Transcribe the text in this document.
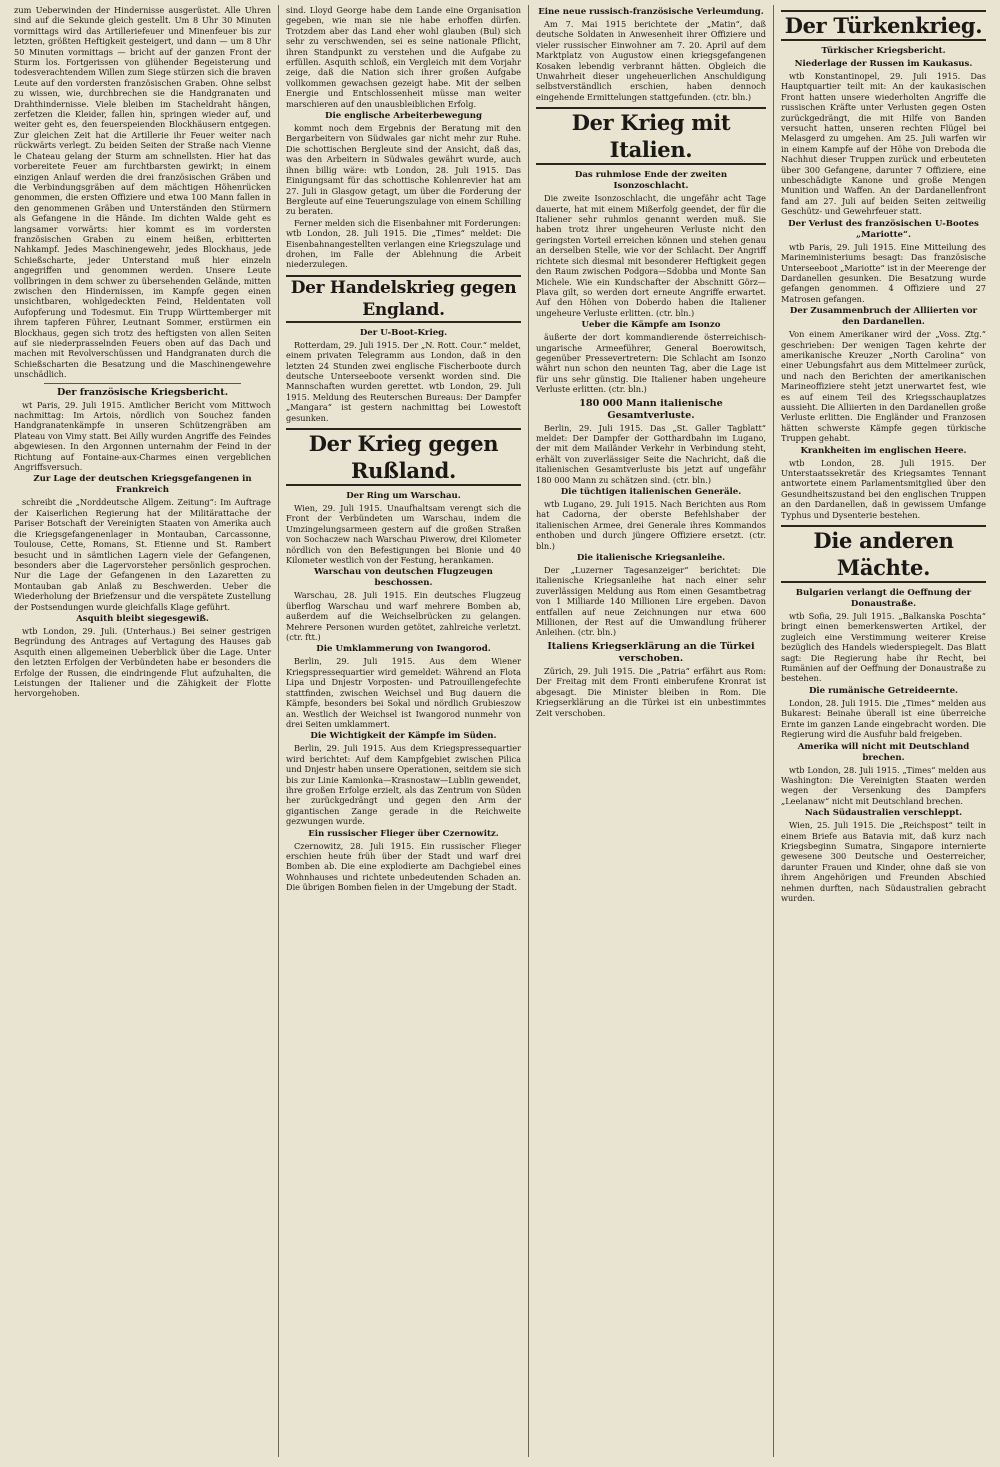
zum Ueberwinden der Hindernisse ausgerüstet. Alle Uhren sind auf die Sekunde gleich gestellt. Um 8 Uhr 30 Minuten vormittags wird das Artilleriefeuer und Minenfeuer bis zur letzten, größten Heftigkeit gesteigert, und dann — um 8 Uhr 50 Minuten vormittags — bricht auf der ganzen Front der Sturm los. Fortgerissen von glühender Begeisterung und todesverachtendem Willen zum Siege stürzen sich die braven Leute auf den vordersten französischen Graben. Ohne selbst zu wissen, wie, durchbrechen sie die Handgranaten und Drahthindernisse. Viele bleiben im Stacheldraht hängen, zerfetzen die Kleider, fallen hin, springen wieder auf, und weiter geht es, den feuerspeienden Blockhäusern entgegen. Zur gleichen Zeit hat die Artillerie ihr Feuer weiter nach rückwärts verlegt. Zu beiden Seiten der Straße nach Vienne le Chateau gelang der Sturm am schnellsten. Hier hat das vorbereitete Feuer am furchtbarsten gewirkt; in einem einzigen Anlauf werden die drei französischen Gräben und die Verbindungsgräben auf dem mächtigen Höhenrücken genommen, die ersten Offiziere und etwa 100 Mann fallen in den genommenen Gräben und Unterständen den Stürmern als Gefangene in die Hände. Im dichten Walde geht es langsamer vorwärts: hier kommt es im vordersten französischen Graben zu einem heißen, erbitterten Nahkampf. Jedes Maschinengewehr, jedes Blockhaus, jede Schießscharte, jeder Unterstand muß hier einzeln angegriffen und genommen werden. Unsere Leute vollbringen in dem schwer zu übersehenden Gelände, mitten zwischen den Hindernissen, im Kampfe gegen einen unsichtbaren, wohlgedeckten Feind, Heldentaten voll Aufopferung und Todesmut. Ein Trupp Württemberger mit ihrem tapferen Führer, Leutnant Sommer, erstürmen ein Blockhaus, gegen sich trotz des heftigsten von allen Seiten auf sie niederprasselnden Feuers oben auf das Dach und machen mit Revolverschüssen und Handgranaten durch die Schießscharten die Besatzung und die Maschinengewehre unschädlich.

Der französische Kriegsbericht.

wt Paris, 29. Juli 1915. Amtlicher Bericht vom Mittwoch nachmittag: Im Artois, nördlich von Souchez fanden Handgranatenkämpfe in unseren Schützengräben am Plateau von Vimy statt. Bei Ailly wurden Angriffe des Feindes abgewiesen. In den Argonnen unternahm der Feind in der Richtung auf Fontaine-aux-Charmes einen vergeblichen Angriffsversuch.

Zur Lage der deutschen Kriegsgefangenen in Frankreich

schreibt die „Norddeutsche Allgem. Zeitung“: Im Auftrage der Kaiserlichen Regierung hat der Militärattache der Pariser Botschaft der Vereinigten Staaten von Amerika auch die Kriegsgefangenenlager in Montauban, Carcassonne, Toulouse, Cette, Romans, St. Etienne und St. Rambert besucht und in sämtlichen Lagern viele der Gefangenen, besonders aber die Lagervorsteher persönlich gesprochen. Nur die Lage der Gefangenen in den Lazaretten zu Montauban gab Anlaß zu Beschwerden. Ueber die Wiederholung der Briefzensur und die verspätete Zustellung der Postsendungen wurde gleichfalls Klage geführt.

Asquith bleibt siegesgewiß.

wtb London, 29. Juli. (Unterhaus.) Bei seiner gestrigen Begründung des Antrages auf Vertagung des Hauses gab Asquith einen allgemeinen Ueberblick über die Lage. Unter den letzten Erfolgen der Verbündeten habe er besonders die Erfolge der Russen, die eindringende Flut aufzuhalten, die Leistungen der Italiener und die Zähigkeit der Flotte hervorgehoben.

sind. Lloyd George habe dem Lande eine Organisation gegeben, wie man sie nie habe erhoffen dürfen. Trotzdem aber das Land eher wohl glauben (Bul) sich sehr zu verschwenden, sei es seine nationale Pflicht, ihren Standpunkt zu verstehen und die Aufgabe zu erfüllen. Asquith schloß, ein Vergleich mit dem Vorjahr zeige, daß die Nation sich ihrer großen Aufgabe vollkommen gewachsen gezeigt habe. Mit der selben Energie und Entschlossenheit müsse man weiter marschieren auf den unausbleiblichen Erfolg.

Die englische Arbeiterbewegung

kommt noch dem Ergebnis der Beratung mit den Bergarbeitern von Südwales gar nicht mehr zur Ruhe. Die schottischen Bergleute sind der Ansicht, daß das, was den Arbeitern in Südwales gewährt wurde, auch ihnen billig wäre: wtb London, 28. Juli 1915. Das Einigungsamt für das schottische Kohlenrevier hat am 27. Juli in Glasgow getagt, um über die Forderung der Bergleute auf eine Teuerungszulage von einem Schilling zu beraten.

Ferner melden sich die Eisenbahner mit Forderungen: wtb London, 28. Juli 1915. Die „Times“ meldet: Die Eisenbahnangestellten verlangen eine Kriegszulage und drohen, im Falle der Ablehnung die Arbeit niederzulegen.

Der Handelskrieg gegen England.
Der U-Boot-Krieg.

Rotterdam, 29. Juli 1915. Der „N. Rott. Cour.“ meldet, einem privaten Telegramm aus London, daß in den letzten 24 Stunden zwei englische Fischerboote durch deutsche Unterseeboote versenkt worden sind. Die Mannschaften wurden gerettet. wtb London, 29. Juli 1915. Meldung des Reuterschen Bureaus: Der Dampfer „Mangara“ ist gestern nachmittag bei Lowestoft gesunken.

Der Krieg gegen Rußland.
Der Ring um Warschau.

Wien, 29. Juli 1915. Unaufhaltsam verengt sich die Front der Verbündeten um Warschau, indem die Umzingelungsarmeen gestern auf die großen Straßen von Sochaczew nach Warschau Piwerow, drei Kilometer nördlich von den Befestigungen bei Blonie und 40 Kilometer westlich von der Festung, herankamen.

Warschau von deutschen Flugzeugen beschossen.

Warschau, 28. Juli 1915. Ein deutsches Flugzeug überflog Warschau und warf mehrere Bomben ab, außerdem auf die Weichselbrücken zu gelangen. Mehrere Personen wurden getötet, zahlreiche verletzt. (ctr. ftt.)

Die Umklammerung von Iwangorod.

Berlin, 29. Juli 1915. Aus dem Wiener Kriegspressequartier wird gemeldet: Während an Flota Lipa und Dnjestr Vorposten- und Patrouillengefechte stattfinden, zwischen Weichsel und Bug dauern die Kämpfe, besonders bei Sokal und nördlich Grubieszow an. Westlich der Weichsel ist Iwangorod nunmehr von drei Seiten umklammert.

Die Wichtigkeit der Kämpfe im Süden.

Berlin, 29. Juli 1915. Aus dem Kriegspressequartier wird berichtet: Auf dem Kampfgebiet zwischen Pilica und Dnjestr haben unsere Operationen, seitdem sie sich bis zur Linie Kamionka—Krasnostaw—Lublin gewendet, ihre großen Erfolge erzielt, als das Zentrum von Süden her zurückgedrängt und gegen den Arm der gigantischen Zange gerade in die Reichweite gezwungen wurde.

Ein russischer Flieger über Czernowitz.

Czernowitz, 28. Juli 1915. Ein russischer Flieger erschien heute früh über der Stadt und warf drei Bomben ab. Die eine explodierte am Dachgiebel eines Wohnhauses und richtete unbedeutenden Schaden an. Die übrigen Bomben fielen in der Umgebung der Stadt.

Eine neue russisch-französische Verleumdung.

Am 7. Mai 1915 berichtete der „Matin“, daß deutsche Soldaten in Anwesenheit ihrer Offiziere und vieler russischer Einwohner am 7. 20. April auf dem Marktplatz von Augustow einen kriegsgefangenen Kosaken lebendig verbrannt hätten. Obgleich die Unwahrheit dieser ungeheuerlichen Anschuldigung selbstverständlich erschien, haben dennoch eingehende Ermittelungen stattgefunden. (ctr. bln.)

Der Krieg mit Italien.
Das ruhmlose Ende der zweiten Isonzoschlacht.

Die zweite Isonzoschlacht, die ungefähr acht Tage dauerte, hat mit einem Mißerfolg geendet, der für die Italiener sehr ruhmlos genannt werden muß. Sie haben trotz ihrer ungeheuren Verluste nicht den geringsten Vorteil erreichen können und stehen genau an derselben Stelle, wie vor der Schlacht. Der Angriff richtete sich diesmal mit besonderer Heftigkeit gegen den Raum zwischen Podgora—Sdobba und Monte San Michele. Wie ein Kundschafter der Abschnitt Görz—Plava gilt, so werden dort erneute Angriffe erwartet. Auf den Höhen von Doberdo haben die Italiener ungeheure Verluste erlitten. (ctr. bln.)

Ueber die Kämpfe am Isonzo

äußerte der dort kommandierende österreichisch-ungarische Armeeführer, General Boerowitsch, gegenüber Pressevertretern: Die Schlacht am Isonzo währt nun schon den neunten Tag, aber die Lage ist für uns sehr günstig. Die Italiener haben ungeheure Verluste erlitten. (ctr. bln.)

180 000 Mann italienische Gesamtverluste.

Berlin, 29. Juli 1915. Das „St. Galler Tagblatt“ meldet: Der Dampfer der Gotthardbahn im Lugano, der mit dem Mailänder Verkehr in Verbindung steht, erhält von zuverlässiger Seite die Nachricht, daß die italienischen Gesamtverluste bis jetzt auf ungefähr 180 000 Mann zu schätzen sind. (ctr. bln.)

Die tüchtigen italienischen Generäle.

wtb Lugano, 29. Juli 1915. Nach Berichten aus Rom hat Cadorna, der oberste Befehlshaber der italienischen Armee, drei Generale ihres Kommandos enthoben und durch jüngere Offiziere ersetzt. (ctr. bln.)

Die italienische Kriegsanleihe.

Der „Luzerner Tagesanzeiger“ berichtet: Die italienische Kriegsanleihe hat nach einer sehr zuverlässigen Meldung aus Rom einen Gesamtbetrag von 1 Milliarde 140 Millionen Lire ergeben. Davon entfallen auf neue Zeichnungen nur etwa 600 Millionen, der Rest auf die Umwandlung früherer Anleihen. (ctr. bln.)

Italiens Kriegserklärung an die Türkei verschoben.

Zürich, 29. Juli 1915. Die „Patria“ erfährt aus Rom: Der Freitag mit dem Fronti einberufene Kronrat ist abgesagt. Die Minister bleiben in Rom. Die Kriegserklärung an die Türkei ist ein unbestimmtes Zeit verschoben.

Der Türkenkrieg.
Türkischer Kriegsbericht.
Niederlage der Russen im Kaukasus.

wtb Konstantinopel, 29. Juli 1915. Das Hauptquartier teilt mit: An der kaukasischen Front hatten unsere wiederholten Angriffe die russischen Kräfte unter Verlusten gegen Osten zurückgedrängt, die mit Hilfe von Banden versucht hatten, unseren rechten Flügel bei Melasgerd zu umgehen. Am 25. Juli warfen wir in einem Kampfe auf der Höhe von Dreboda die Nachhut dieser Truppen zurück und erbeuteten über 300 Gefangene, darunter 7 Offiziere, eine unbeschädigte Kanone und große Mengen Munition und Waffen. An der Dardanellenfront fand am 27. Juli auf beiden Seiten zeitweilig Geschütz- und Gewehrfeuer statt.

Der Verlust des französischen U-Bootes „Mariotte“.

wtb Paris, 29. Juli 1915. Eine Mitteilung des Marineministeriums besagt: Das französische Unterseeboot „Mariotte“ ist in der Meerenge der Dardanellen gesunken. Die Besatzung wurde gefangen genommen. 4 Offiziere und 27 Matrosen gefangen.

Der Zusammenbruch der Alliierten vor den Dardanellen.

Von einem Amerikaner wird der „Voss. Ztg.“ geschrieben: Der wenigen Tagen kehrte der amerikanische Kreuzer „North Carolina“ von einer Uebungsfahrt aus dem Mittelmeer zurück, und nach den Berichten der amerikanischen Marineoffiziere steht jetzt unerwartet fest, wie es auf einem Teil des Kriegsschauplatzes aussieht. Die Alliierten in den Dardanellen große Verluste erlitten. Die Engländer und Franzosen hätten schwerste Kämpfe gegen türkische Truppen gehabt.

Krankheiten im englischen Heere.

wtb London, 28. Juli 1915. Der Unterstaatssekretär des Kriegsamtes Tennant antwortete einem Parlamentsmitglied über den Gesundheitszustand bei den englischen Truppen an den Dardanellen, daß in gewissem Umfange Typhus und Dysenterie bestehen.

Die anderen Mächte.
Bulgarien verlangt die Oeffnung der Donaustraße.

wtb Sofia, 29. Juli 1915. „Balkanska Poschta“ bringt einen bemerkenswerten Artikel, der zugleich eine Verstimmung weiterer Kreise bezüglich des Handels wiederspiegelt. Das Blatt sagt: Die Regierung habe ihr Recht, bei Rumänien auf der Oeffnung der Donaustraße zu bestehen.

Die rumänische Getreideernte.

London, 28. Juli 1915. Die „Times“ melden aus Bukarest: Beinahe überall ist eine überreiche Ernte im ganzen Lande eingebracht worden. Die Regierung wird die Ausfuhr bald freigeben.

Amerika will nicht mit Deutschland brechen.

wtb London, 28. Juli 1915. „Times“ melden aus Washington: Die Vereinigten Staaten werden wegen der Versenkung des Dampfers „Leelanaw“ nicht mit Deutschland brechen.

Nach Südaustralien verschleppt.

Wien, 25. Juli 1915. Die „Reichspost“ teilt in einem Briefe aus Batavia mit, daß kurz nach Kriegsbeginn Sumatra, Singapore internierte gewesene 300 Deutsche und Oesterreicher, darunter Frauen und Kinder, ohne daß sie von ihrem Angehörigen und Freunden Abschied nehmen durften, nach Südaustralien gebracht wurden.
